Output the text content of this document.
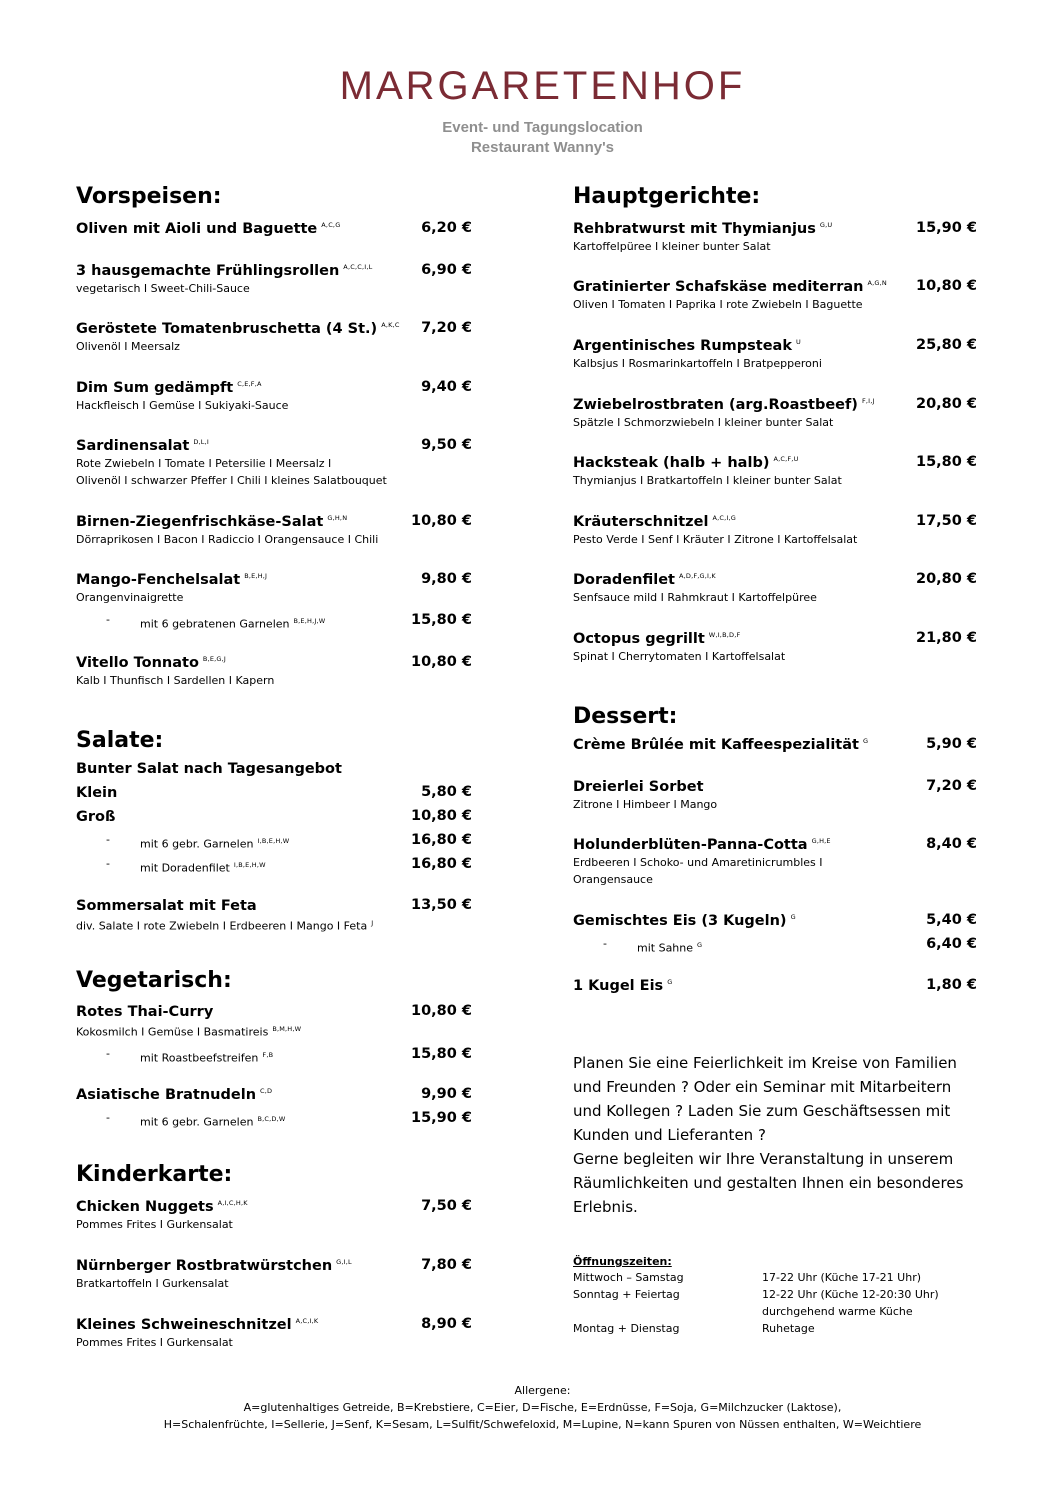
MARGARETENHOF
Event- und Tagungslocation
Restaurant Wanny's
Vorspeisen:
Oliven mit Aioli und Baguette $^{A,C,G}$	6,20 €
3 hausgemachte Frühlingsrollen $^{A,C,C,I,L}$	6,90 €
vegetarisch I Sweet-Chili-Sauce
Geröstete Tomatenbruschetta (4 St.) $^{A,K,C}$ 7,20 €
Olivenöl I Meersalz
Dim Sum gedämpft $^{C,E,F,A}$	9,40 €
Hackfleisch I Gemüse I Sukiyaki-Sauce
Sardinensalat $^{D,L,I}$	9,50 €
Rote Zwiebeln I Tomate I Petersilie I Meersalz I
Olivenöl I schwarzer Pfeffer I Chili I kleines Salatbouquet
Birnen-Ziegenfrischkäse-Salat $^{G,H,N}$	10,80 €
Dörraprikosen I Bacon I Radiccio I Orangensauce I Chili
Mango-Fenchelsalat $^{B,E,H,J}$	9,80 €
Orangenvinaigrette
-	mit 6 gebratenen Garnelen $^{B,E,H,J,W}$	15,80 €
Vitello Tonnato $^{B,E,G,J}$	10,80 €
Kalb I Thunfisch I Sardellen I Kapern
Salate:
Bunter Salat nach Tagesangebot
Klein	5,80 €
Groß	10,80 €
-	mit 6 gebr. Garnelen $^{I,B,E,H,W}$	16,80 €
-	mit Doradenfilet $^{I,B,E,H,W}$	16,80 €
Sommersalat mit Feta	13,50 €
div. Salate I rote Zwiebeln I Erdbeeren I Mango I Feta $^J$
Vegetarisch:
Rotes Thai-Curry	10,80 €
Kokosmilch I Gemüse I Basmatireis $^{B,M,H,W}$
-	mit Roastbeefstreifen $^{F,B}$	15,80 €
Asiatische Bratnudeln $^{C,D}$	9,90 €
-	mit 6 gebr. Garnelen $^{B,C,D,W}$	15,90 €
Kinderkarte:
Chicken Nuggets $^{A,I,C,H,K}$	7,50 €
Pommes Frites I Gurkensalat
Nürnberger Rostbratwürstchen $^{G,I,L}$	7,80 €
Bratkartoffeln I Gurkensalat
Kleines Schweineschnitzel $^{A,C,I,K}$	8,90 €
Pommes Frites I Gurkensalat
Hauptgerichte:
Rehbratwurst mit Thymianjus $^{G,U}$	15,90 €
Kartoffelpüree I kleiner bunter Salat
Gratinierter Schafskäse mediterran $^{A,G,N}$ 10,80 €
Oliven I Tomaten I Paprika I rote Zwiebeln I Baguette
Argentinisches Rumpsteak $^U$	25,80 €
Kalbsjus I Rosmarinkartoffeln I Bratpepperoni
Zwiebelrostbraten (arg.Roastbeef) $^{F,I,J}$	20,80 €
Spätzle I Schmorzwiebeln I kleiner bunter Salat
Hacksteak (halb + halb) $^{A,C,F,U}$	15,80 €
Thymianjus I Bratkartoffeln I kleiner bunter Salat
Kräuterschnitzel $^{A,C,I,G}$	17,50 €
Pesto Verde I Senf I Kräuter I Zitrone I Kartoffelsalat
Doradenfilet $^{A,D,F,G,I,K}$	20,80 €
Senfsauce mild I Rahmkraut I Kartoffelpüree
Octopus gegrillt $^{W,I,B,D,F}$	21,80 €
Spinat I Cherrytomaten I Kartoffelsalat
Dessert:
Crème Brûlée mit Kaffeespezialität $^G$	5,90 €
Dreierlei Sorbet	7,20 €
Zitrone I Himbeer I Mango
Holunderblüten-Panna-Cotta $^{G,H,E}$	8,40 €
Erdbeeren I Schoko- und Amaretinicrumbles I
Orangensauce
Gemischtes Eis (3 Kugeln) $^G$	5,40 €
-	mit Sahne $^G$	6,40 €
1 Kugel Eis $^G$	1,80 €

Planen Sie eine Feierlichkeit im Kreise von Familien

und Freunden ? Oder ein Seminar mit Mitarbeitern

und Kollegen ? Laden Sie zum Geschäftsessen mit

Kunden und Lieferanten ?

Gerne begleiten wir Ihre Veranstaltung in unserem

Räumlichkeiten und gestalten Ihnen ein besonderes

Erlebnis.

Öffnungszeiten:
Mittwoch – Samstag	17-22 Uhr (Küche 17-21 Uhr)
Sonntag + Feiertag	12-22 Uhr (Küche 12-20:30 Uhr)
durchgehend warme Küche
Montag + Dienstag	Ruhetage
Allergene:
A=glutenhaltiges Getreide, B=Krebstiere, C=Eier, D=Fische, E=Erdnüsse, F=Soja, G=Milchzucker (Laktose),
H=Schalenfrüchte, I=Sellerie, J=Senf, K=Sesam, L=Sulfit/Schwefeloxid, M=Lupine, N=kann Spuren von Nüssen enthalten, W=Weichtiere
